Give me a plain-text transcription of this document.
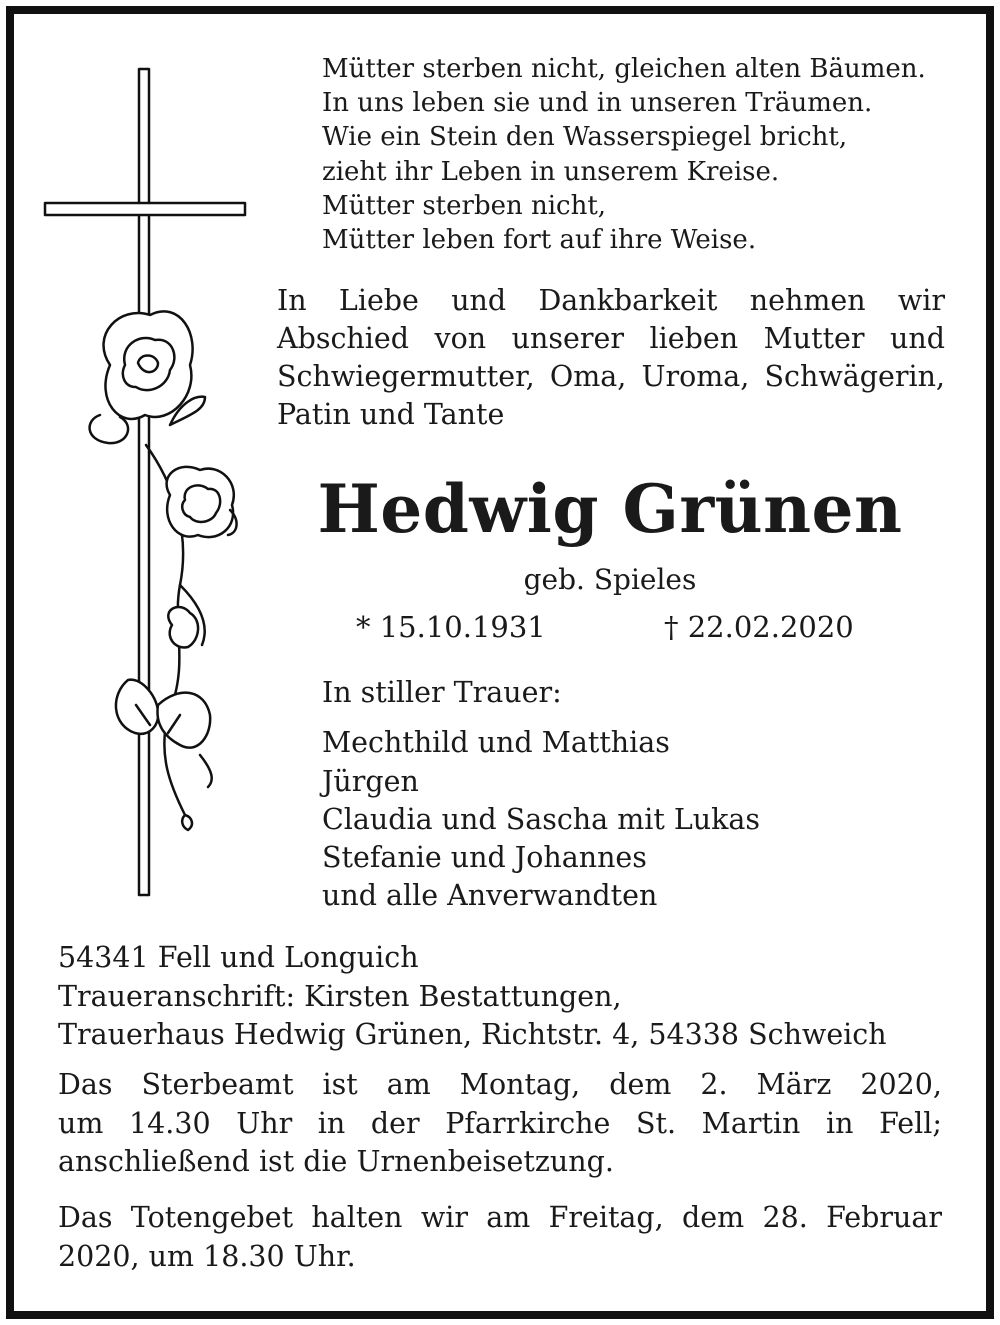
Mütter sterben nicht, gleichen alten Bäumen.
In uns leben sie und in unseren Träumen.
Wie ein Stein den Wasserspiegel bricht,
zieht ihr Leben in unserem Kreise.
Mütter sterben nicht,
Mütter leben fort auf ihre Weise.
In Liebe und Dankbarkeit nehmen wir
Abschied von unserer lieben Mutter und
Schwiegermutter, Oma, Uroma, Schwägerin,
Patin und Tante
Hedwig Grünen
geb. Spieles
* 15.10.1931	† 22.02.2020
In stiller Trauer:
Mechthild und Matthias
Jürgen
Claudia und Sascha mit Lukas
Stefanie und Johannes
und alle Anverwandten
54341 Fell und Longuich
Traueranschrift: Kirsten Bestattungen,
Trauerhaus Hedwig Grünen, Richtstr. 4, 54338 Schweich
Das Sterbeamt ist am Montag, dem 2. März 2020,
um 14.30 Uhr in der Pfarrkirche St. Martin in Fell;
anschließend ist die Urnenbeisetzung.
Das Totengebet halten wir am Freitag, dem 28. Februar
2020, um 18.30 Uhr.
